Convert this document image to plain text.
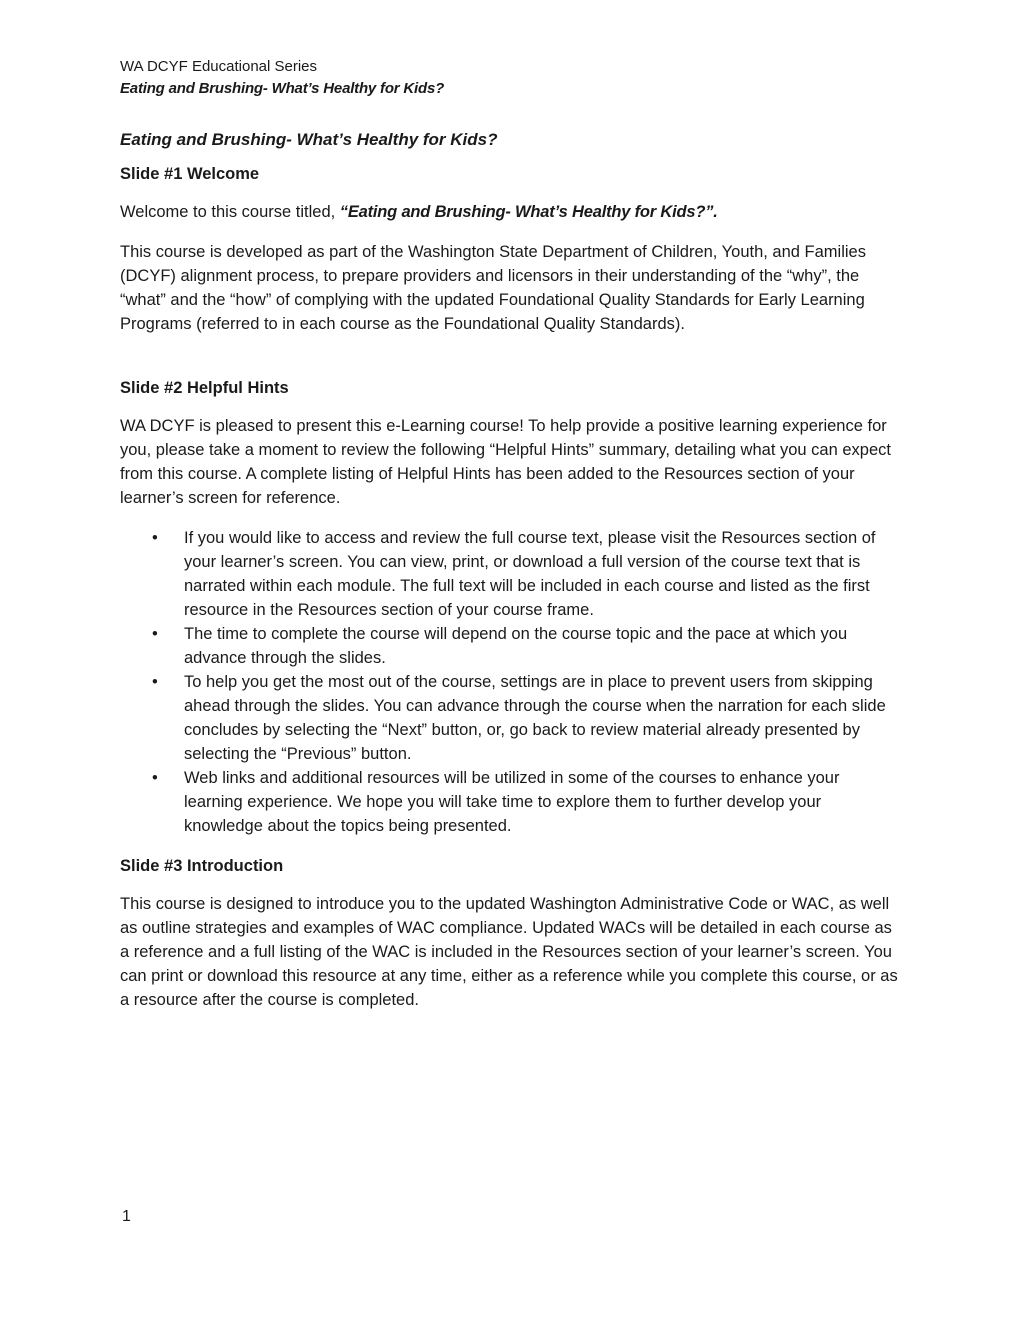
WA DCYF Educational Series
Eating and Brushing- What’s Healthy for Kids?
Eating and Brushing- What’s Healthy for Kids?
Slide #1 Welcome

Welcome to this course titled, “Eating and Brushing- What’s Healthy for Kids?”.

This course is developed as part of the Washington State Department of Children, Youth, and Families (DCYF) alignment process, to prepare providers and licensors in their understanding of the “why”, the “what” and the “how” of complying with the updated Foundational Quality Standards for Early Learning Programs (referred to in each course as the Foundational Quality Standards).

Slide #2 Helpful Hints

WA DCYF is pleased to present this e-Learning course! To help provide a positive learning experience for you, please take a moment to review the following “Helpful Hints” summary, detailing what you can expect from this course. A complete listing of Helpful Hints has been added to the Resources section of your learner’s screen for reference.

• If you would like to access and review the full course text, please visit the Resources section of your learner’s screen. You can view, print, or download a full version of the course text that is narrated within each module. The full text will be included in each course and listed as the first resource in the Resources section of your course frame.
• The time to complete the course will depend on the course topic and the pace at which you advance through the slides.
• To help you get the most out of the course, settings are in place to prevent users from skipping ahead through the slides. You can advance through the course when the narration for each slide concludes by selecting the “Next” button, or, go back to review material already presented by selecting the “Previous” button.
• Web links and additional resources will be utilized in some of the courses to enhance your learning experience. We hope you will take time to explore them to further develop your knowledge about the topics being presented.
Slide #3 Introduction

This course is designed to introduce you to the updated Washington Administrative Code or WAC, as well as outline strategies and examples of WAC compliance. Updated WACs will be detailed in each course as a reference and a full listing of the WAC is included in the Resources section of your learner’s screen. You can print or download this resource at any time, either as a reference while you complete this course, or as a resource after the course is completed.

1
